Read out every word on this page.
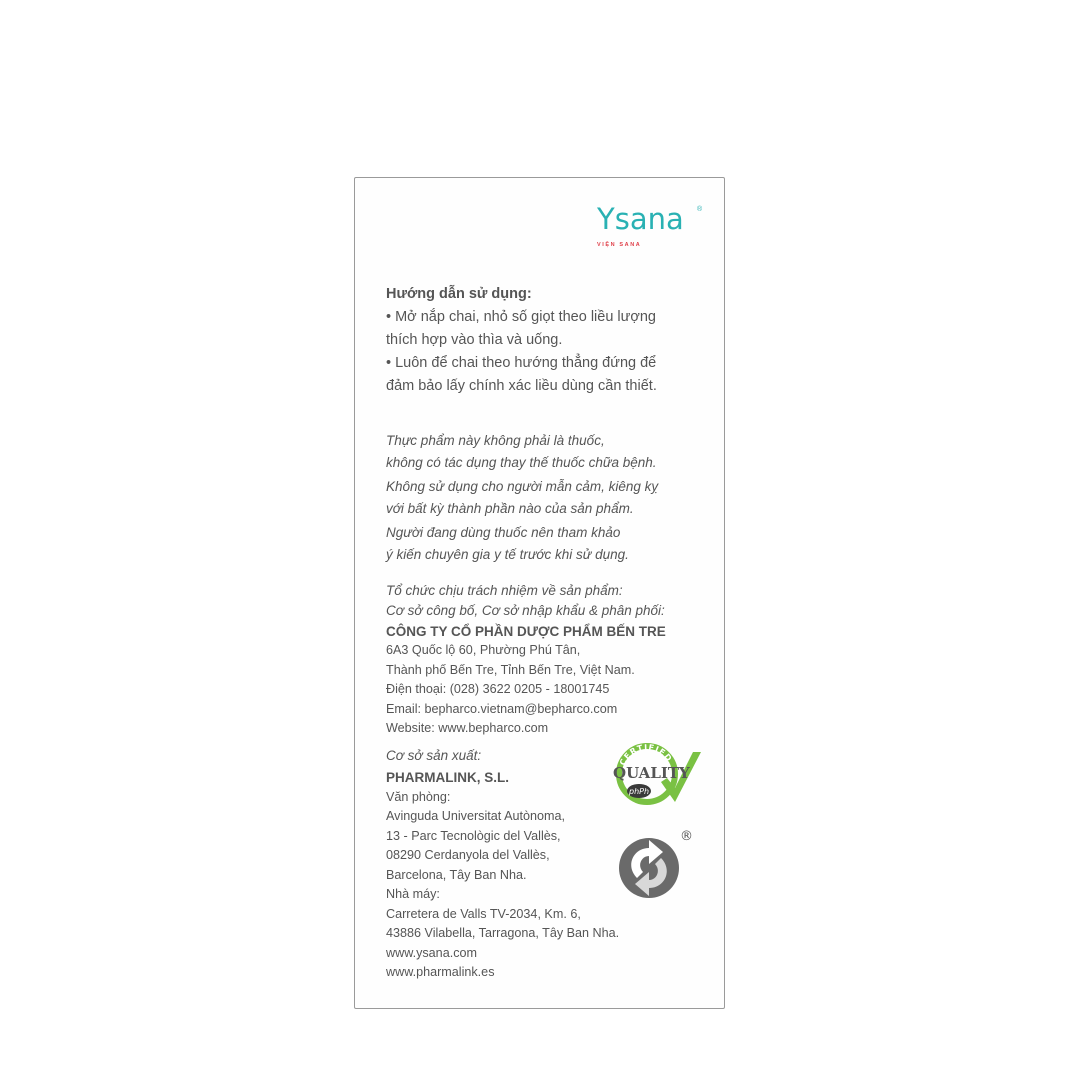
Ysana ®
VIỆN SANA
Hướng dẫn sử dụng:
• Mở nắp chai, nhỏ số giọt theo liều lượng
thích hợp vào thìa và uống.
• Luôn để chai theo hướng thẳng đứng để
đảm bảo lấy chính xác liều dùng cần thiết.
Thực phẩm này không phải là thuốc,
không có tác dụng thay thế thuốc chữa bệnh.
Không sử dụng cho người mẫn cảm, kiêng kỵ
với bất kỳ thành phần nào của sản phẩm.
Người đang dùng thuốc nên tham khảo
ý kiến chuyên gia y tế trước khi sử dụng.
Tổ chức chịu trách nhiệm về sản phẩm:
Cơ sở công bố, Cơ sở nhập khẩu & phân phối:
CÔNG TY CỔ PHẦN DƯỢC PHẨM BẾN TRE
6A3 Quốc lộ 60, Phường Phú Tân,
Thành phố Bến Tre, Tỉnh Bến Tre, Việt Nam.
Điện thoại: (028) 3622 0205 - 18001745
Email: bepharco.vietnam@bepharco.com
Website: www.bepharco.com
Cơ sở sản xuất:
PHARMALINK, S.L.
Văn phòng:
Avinguda Universitat Autònoma,
13 - Parc Tecnològic del Vallès,
08290 Cerdanyola del Vallès,
Barcelona, Tây Ban Nha.
Nhà máy:
Carretera de Valls TV-2034, Km. 6,
43886 Vilabella, Tarragona, Tây Ban Nha.
www.ysana.com
www.pharmalink.es
CERTIFIED
QUALITY
phPh
®
